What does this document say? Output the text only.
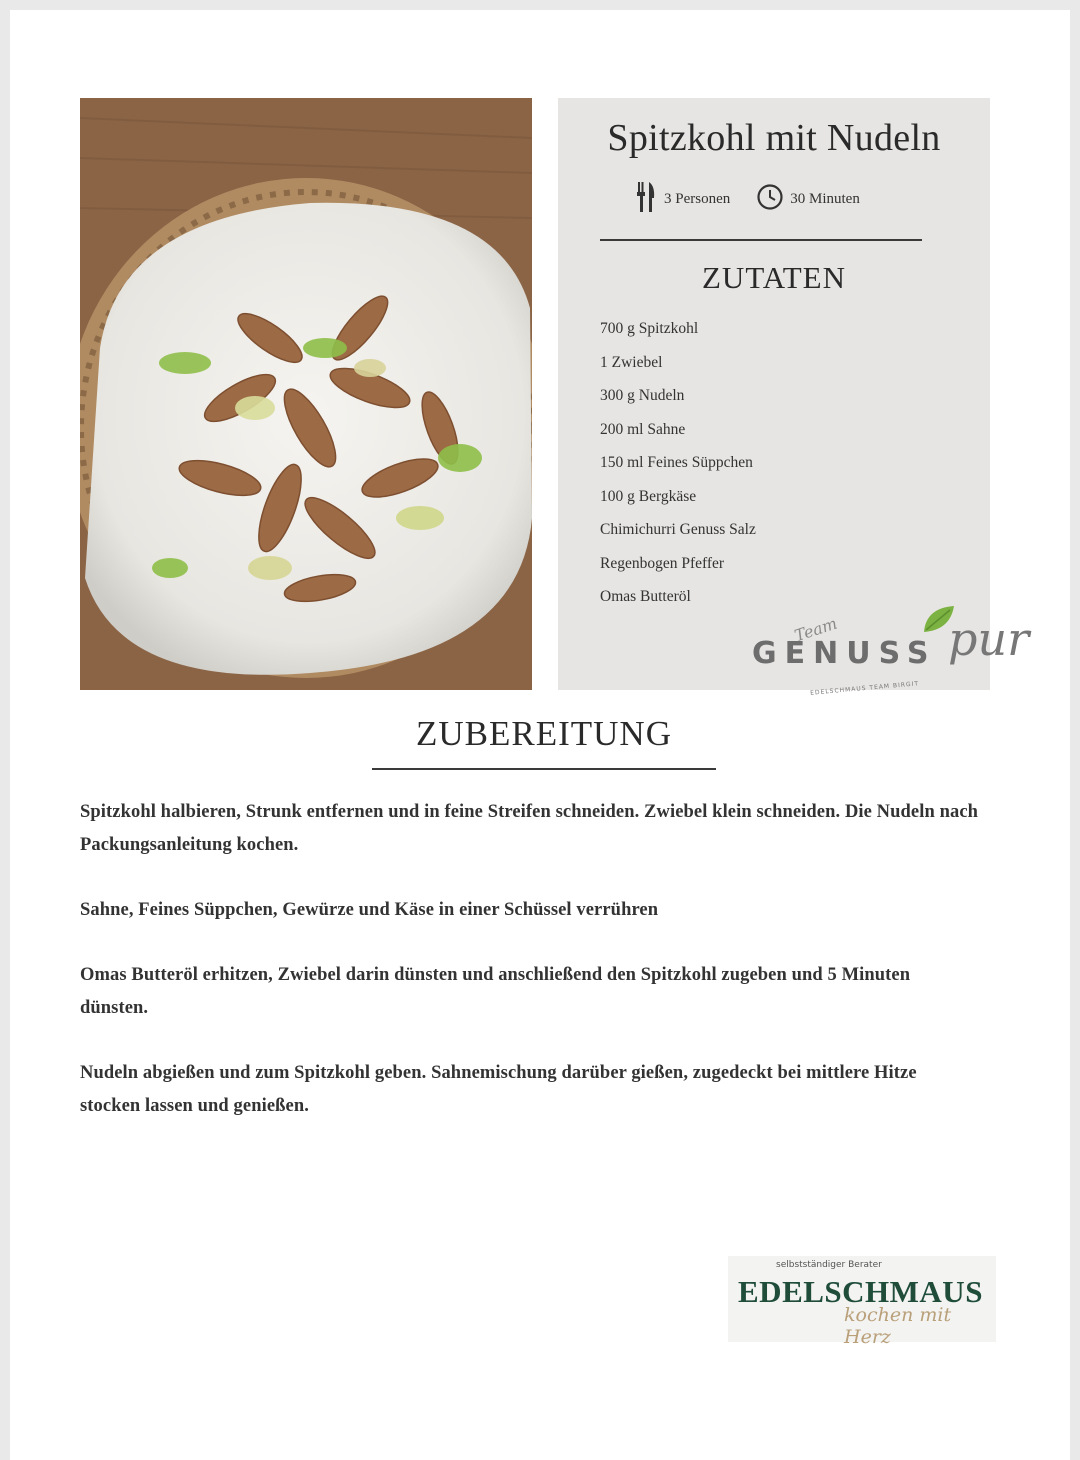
Spitzkohl mit Nudeln
3 Personen	30 Minuten
ZUTATEN
700 g Spitzkohl
1 Zwiebel
300 g Nudeln
200 ml Sahne
150 ml Feines Süppchen
100 g Bergkäse
Chimichurri Genuss Salz
Regenbogen Pfeffer
Omas Butteröl
Team
GENUSS pur
EDELSCHMAUS TEAM BIRGIT
ZUBEREITUNG

Spitzkohl halbieren, Strunk entfernen und in feine Streifen schneiden. Zwiebel klein schneiden. Die Nudeln nach Packungsanleitung kochen.

Sahne, Feines Süppchen, Gewürze und Käse in einer Schüssel verrühren

Omas Butteröl erhitzen, Zwiebel darin dünsten und anschließend den Spitzkohl zugeben und 5 Minuten dünsten.

Nudeln abgießen und zum Spitzkohl geben. Sahnemischung darüber gießen, zugedeckt bei mittlere Hitze stocken lassen und genießen.

selbstständiger Berater
EDELSCHMAUS
kochen mit Herz
